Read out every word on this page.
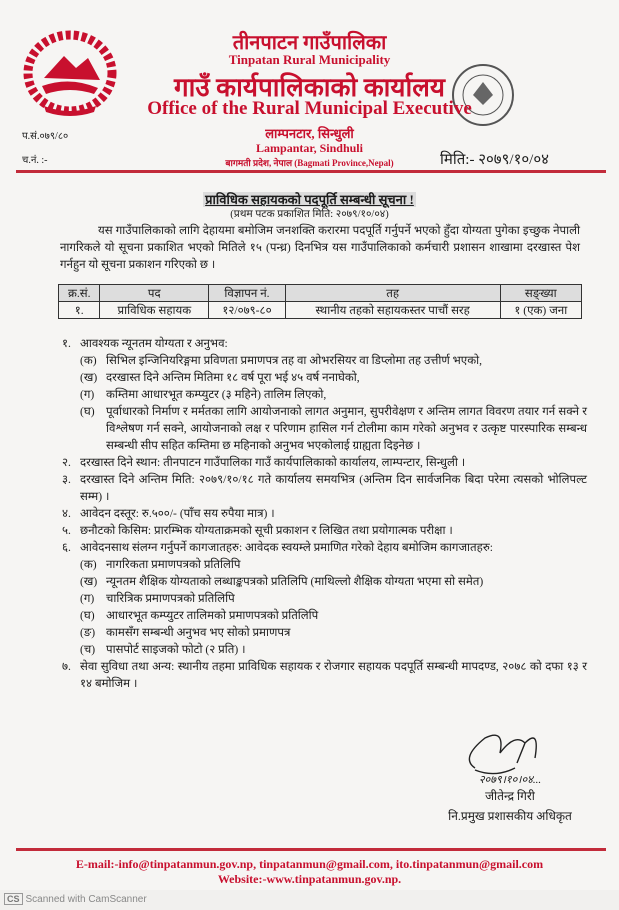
तीनपाटन गाउँपालिका
Tinpatan Rural Municipality
गाउँ कार्यपालिकाको कार्यालय
Office of the Rural Municipal Executive
लाम्पनटार, सिन्धुली
Lampantar, Sindhuli
बागमती प्रदेश, नेपाल (Bagmati Province,Nepal)
प.सं.०७९/८०
च.नं. :-	मिति:- २०७९/१०/०४
प्राविधिक सहायकको पदपूर्ति सम्बन्धी सूचना !
(प्रथम पटक प्रकाशित मिति: २०७९/१०/०४)
यस गाउँपालिकाको लागि देहायमा बमोजिम जनशक्ति करारमा पदपूर्ति गर्नुपर्ने भएको हुँदा योग्यता पुगेका इच्छुक नेपाली नागरिकले यो सूचना प्रकाशित भएको मितिले १५ (पन्ध्र) दिनभित्र यस गाउँपालिकाको कर्मचारी प्रशासन शाखामा दरखास्त पेश गर्नहुन यो सूचना प्रकाशन गरिएको छ ।
क्र.सं.	पद	विज्ञापन नं.	तह	सङ्ख्या
१.	प्राविधिक सहायक	१२/०७९-८०	स्थानीय तहको सहायकस्तर पाचौं सरह	१ (एक) जना
१. आवश्यक न्यूनतम योग्यता र अनुभव:
(क) सिभिल इन्जिनियरिङ्गमा प्रविणता प्रमाणपत्र तह वा ओभरसियर वा डिप्लोमा तह उत्तीर्ण भएको,
(ख) दरखास्त दिने अन्तिम मितिमा १८ वर्ष पूरा भई ४५ वर्ष ननाघेको,
(ग)	कम्तिमा आधारभूत कम्प्युटर (३ महिने) तालिम लिएको,
(घ) पूर्वाधारको निर्माण र मर्मतका लागि आयोजनाको लागत अनुमान, सुपरीवेक्षण र अन्तिम लागत विवरण तयार गर्न सक्ने र विश्लेषण गर्न सक्ने, आयोजनाको लक्ष र परिणाम हासिल गर्न टोलीमा काम गरेको अनुभव र उत्कृष्ट पारस्पारिक सम्बन्ध सम्बन्धी सीप सहित कम्तिमा छ महिनाको अनुभव भएकोलाई ग्राह्यता दिइनेछ ।
२. दरखास्त दिने स्थान: तीनपाटन गाउँपालिका गाउँ कार्यपालिकाको कार्यालय, लाम्पन्टार, सिन्धुली ।
३. दरखास्त दिने अन्तिम मिति: २०७९/१०/१८ गते कार्यालय समयभित्र (अन्तिम दिन सार्वजनिक बिदा परेमा त्यसको भोलिपल्ट सम्म) ।
४. आवेदन दस्तूर: रु.५००/- (पाँच सय रुपैया मात्र) ।
५. छनौटको किसिम: प्रारम्भिक योग्यताक्रमको सूची प्रकाशन र लिखित तथा प्रयोगात्मक परीक्षा ।
६. आवेदनसाथ संलग्न गर्नुपर्ने कागजातहरु: आवेदक स्वयम्ले प्रमाणित गरेको देहाय बमोजिम कागजातहरु:
(क) नागरिकता प्रमाणपत्रको प्रतिलिपि
(ख) न्यूनतम शैक्षिक योग्यताको लब्धाङ्कपत्रको प्रतिलिपि (माथिल्लो शैक्षिक योग्यता भएमा सो समेत)
(ग)	चारित्रिक प्रमाणपत्रको प्रतिलिपि
(घ) आधारभूत कम्प्युटर तालिमको प्रमाणपत्रको प्रतिलिपि
(ङ) कामसँग सम्बन्धी अनुभव भए सोको प्रमाणपत्र
(च) पासपोर्ट साइजको फोटो (२ प्रति) ।
७. सेवा सुविधा तथा अन्य: स्थानीय तहमा प्राविधिक सहायक र रोजगार सहायक पदपूर्ति सम्बन्धी मापदण्ड, २०७८ को दफा १३ र १४ बमोजिम ।
२०७९।१०।०४...
जीतेन्द्र गिरी
नि.प्रमुख प्रशासकीय अधिकृत
E-mail:-info@tinpatanmun.gov.np, tinpatanmun@gmail.com, ito.tinpatanmun@gmail.com
Website:-www.tinpatanmun.gov.np.
CS Scanned with CamScanner
